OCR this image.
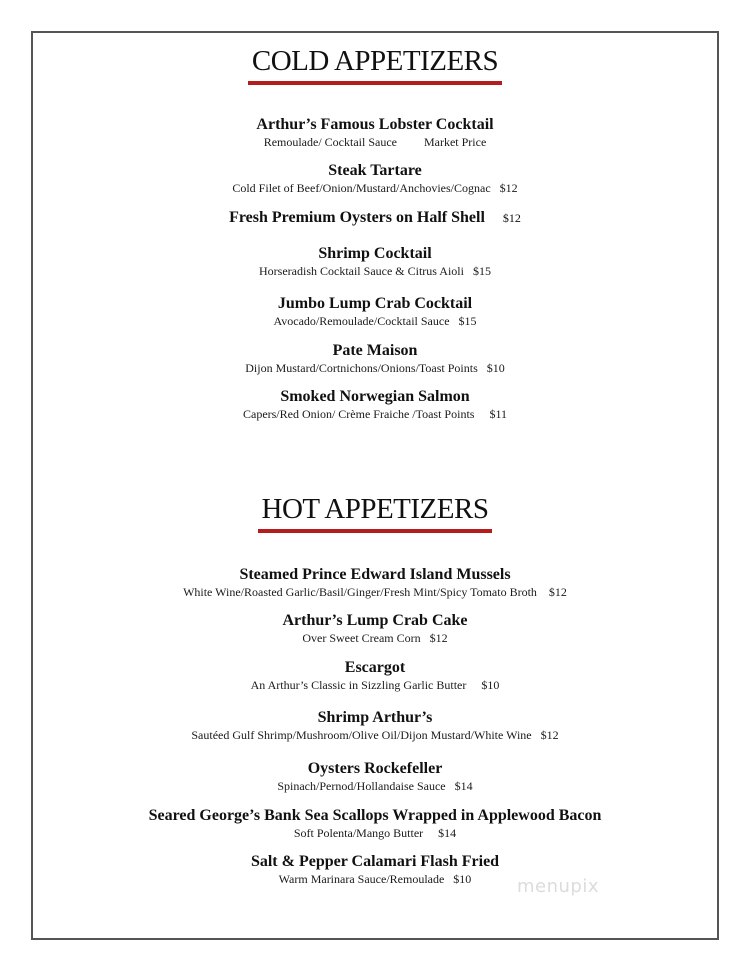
COLD APPETIZERS
Arthur’s Famous Lobster Cocktail
Remoulade/ Cocktail Sauce         Market Price
Steak Tartare
Cold Filet of Beef/Onion/Mustard/Anchovies/Cognac   $12
Fresh Premium Oysters on Half Shell $12
Shrimp Cocktail
Horseradish Cocktail Sauce & Citrus Aioli   $15
Jumbo Lump Crab Cocktail
Avocado/Remoulade/Cocktail Sauce   $15
Pate Maison
Dijon Mustard/Cortnichons/Onions/Toast Points   $10
Smoked Norwegian Salmon
Capers/Red Onion/ Crème Fraiche /Toast Points     $11
HOT APPETIZERS
Steamed Prince Edward Island Mussels
White Wine/Roasted Garlic/Basil/Ginger/Fresh Mint/Spicy Tomato Broth    $12
Arthur’s Lump Crab Cake
Over Sweet Cream Corn   $12
Escargot
An Arthur’s Classic in Sizzling Garlic Butter     $10
Shrimp Arthur’s
Sautéed Gulf Shrimp/Mushroom/Olive Oil/Dijon Mustard/White Wine   $12
Oysters Rockefeller
Spinach/Pernod/Hollandaise Sauce   $14
Seared George’s Bank Sea Scallops Wrapped in Applewood Bacon
Soft Polenta/Mango Butter     $14
Salt & Pepper Calamari Flash Fried
Warm Marinara Sauce/Remoulade   $10	menupix
